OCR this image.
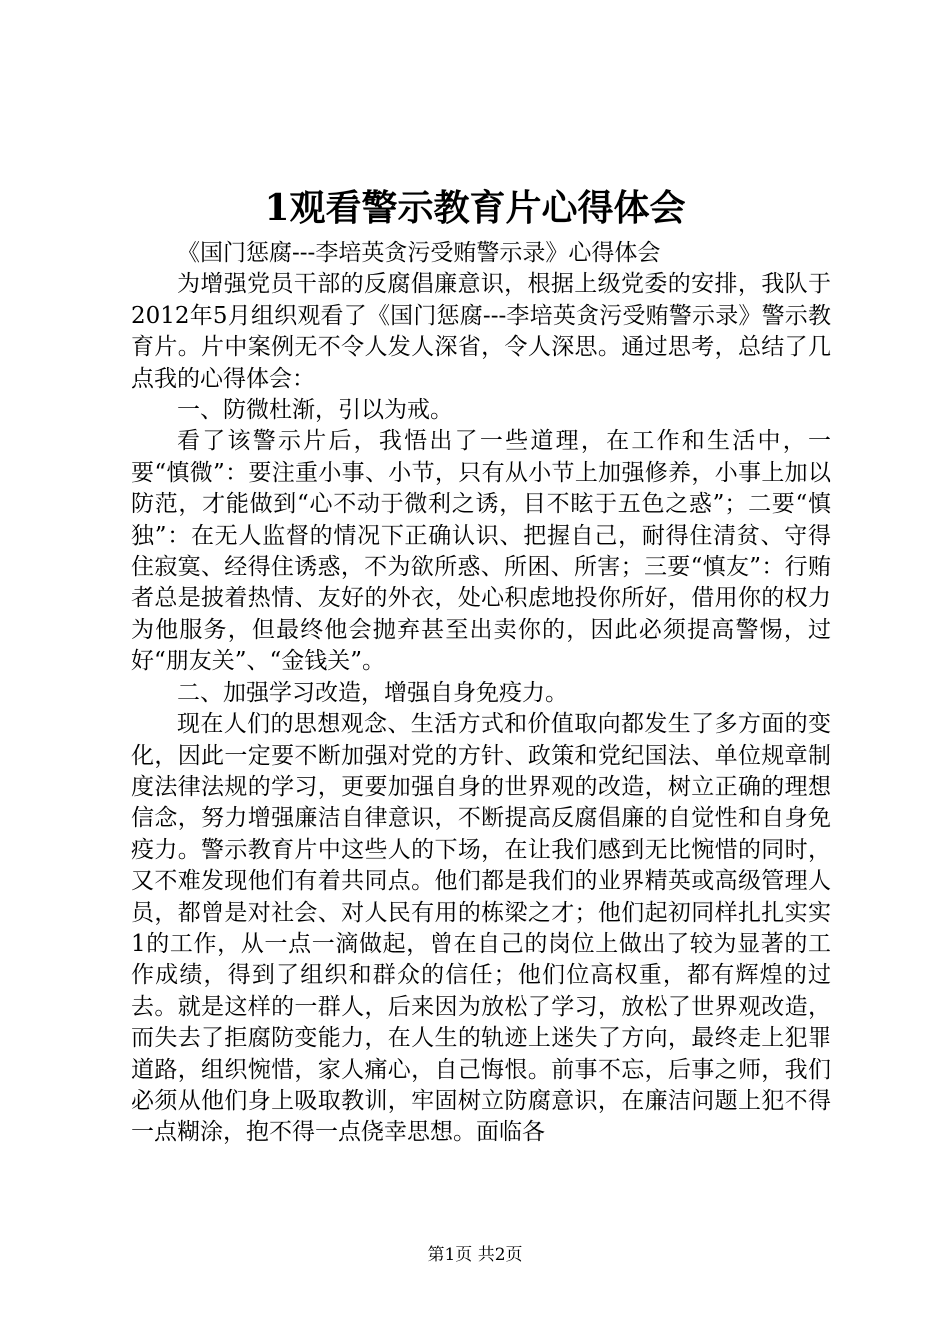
1观看警示教育片心得体会

《国门惩腐---李培英贪污受贿警示录》心得体会

为增强党员干部的反腐倡廉意识，根据上级党委的安排，我队于2012年5月组织观看了《国门惩腐---李培英贪污受贿警示录》警示教育片。片中案例无不令人发人深省，令人深思。通过思考，总结了几点我的心得体会：

一、防微杜渐，引以为戒。

看了该警示片后，我悟出了一些道理，在工作和生活中，一要“慎微”：要注重小事、小节，只有从小节上加强修养，小事上加以防范，才能做到“心不动于微利之诱，目不眩于五色之惑”；二要“慎独”：在无人监督的情况下正确认识、把握自己，耐得住清贫、守得住寂寞、经得住诱惑，不为欲所惑、所困、所害；三要“慎友”：行贿者总是披着热情、友好的外衣，处心积虑地投你所好，借用你的权力为他服务，但最终他会抛弃甚至出卖你的，因此必须提高警惕，过好“朋友关”、“金钱关”。

二、加强学习改造，增强自身免疫力。

现在人们的思想观念、生活方式和价值取向都发生了多方面的变化，因此一定要不断加强对党的方针、政策和党纪国法、单位规章制度法律法规的学习，更要加强自身的世界观的改造，树立正确的理想信念，努力增强廉洁自律意识，不断提高反腐倡廉的自觉性和自身免疫力。警示教育片中这些人的下场，在让我们感到无比惋惜的同时，又不难发现他们有着共同点。他们都是我们的业界精英或高级管理人员，都曾是对社会、对人民有用的栋梁之才；他们起初同样扎扎实实1的工作，从一点一滴做起，曾在自己的岗位上做出了较为显著的工作成绩，得到了组织和群众的信任；他们位高权重，都有辉煌的过去。就是这样的一群人，后来因为放松了学习，放松了世界观改造，而失去了拒腐防变能力，在人生的轨迹上迷失了方向，最终走上犯罪道路，组织惋惜，家人痛心，自己悔恨。前事不忘，后事之师，我们必须从他们身上吸取教训，牢固树立防腐意识，在廉洁问题上犯不得一点糊涂，抱不得一点侥幸思想。面临各

第1页 共2页
